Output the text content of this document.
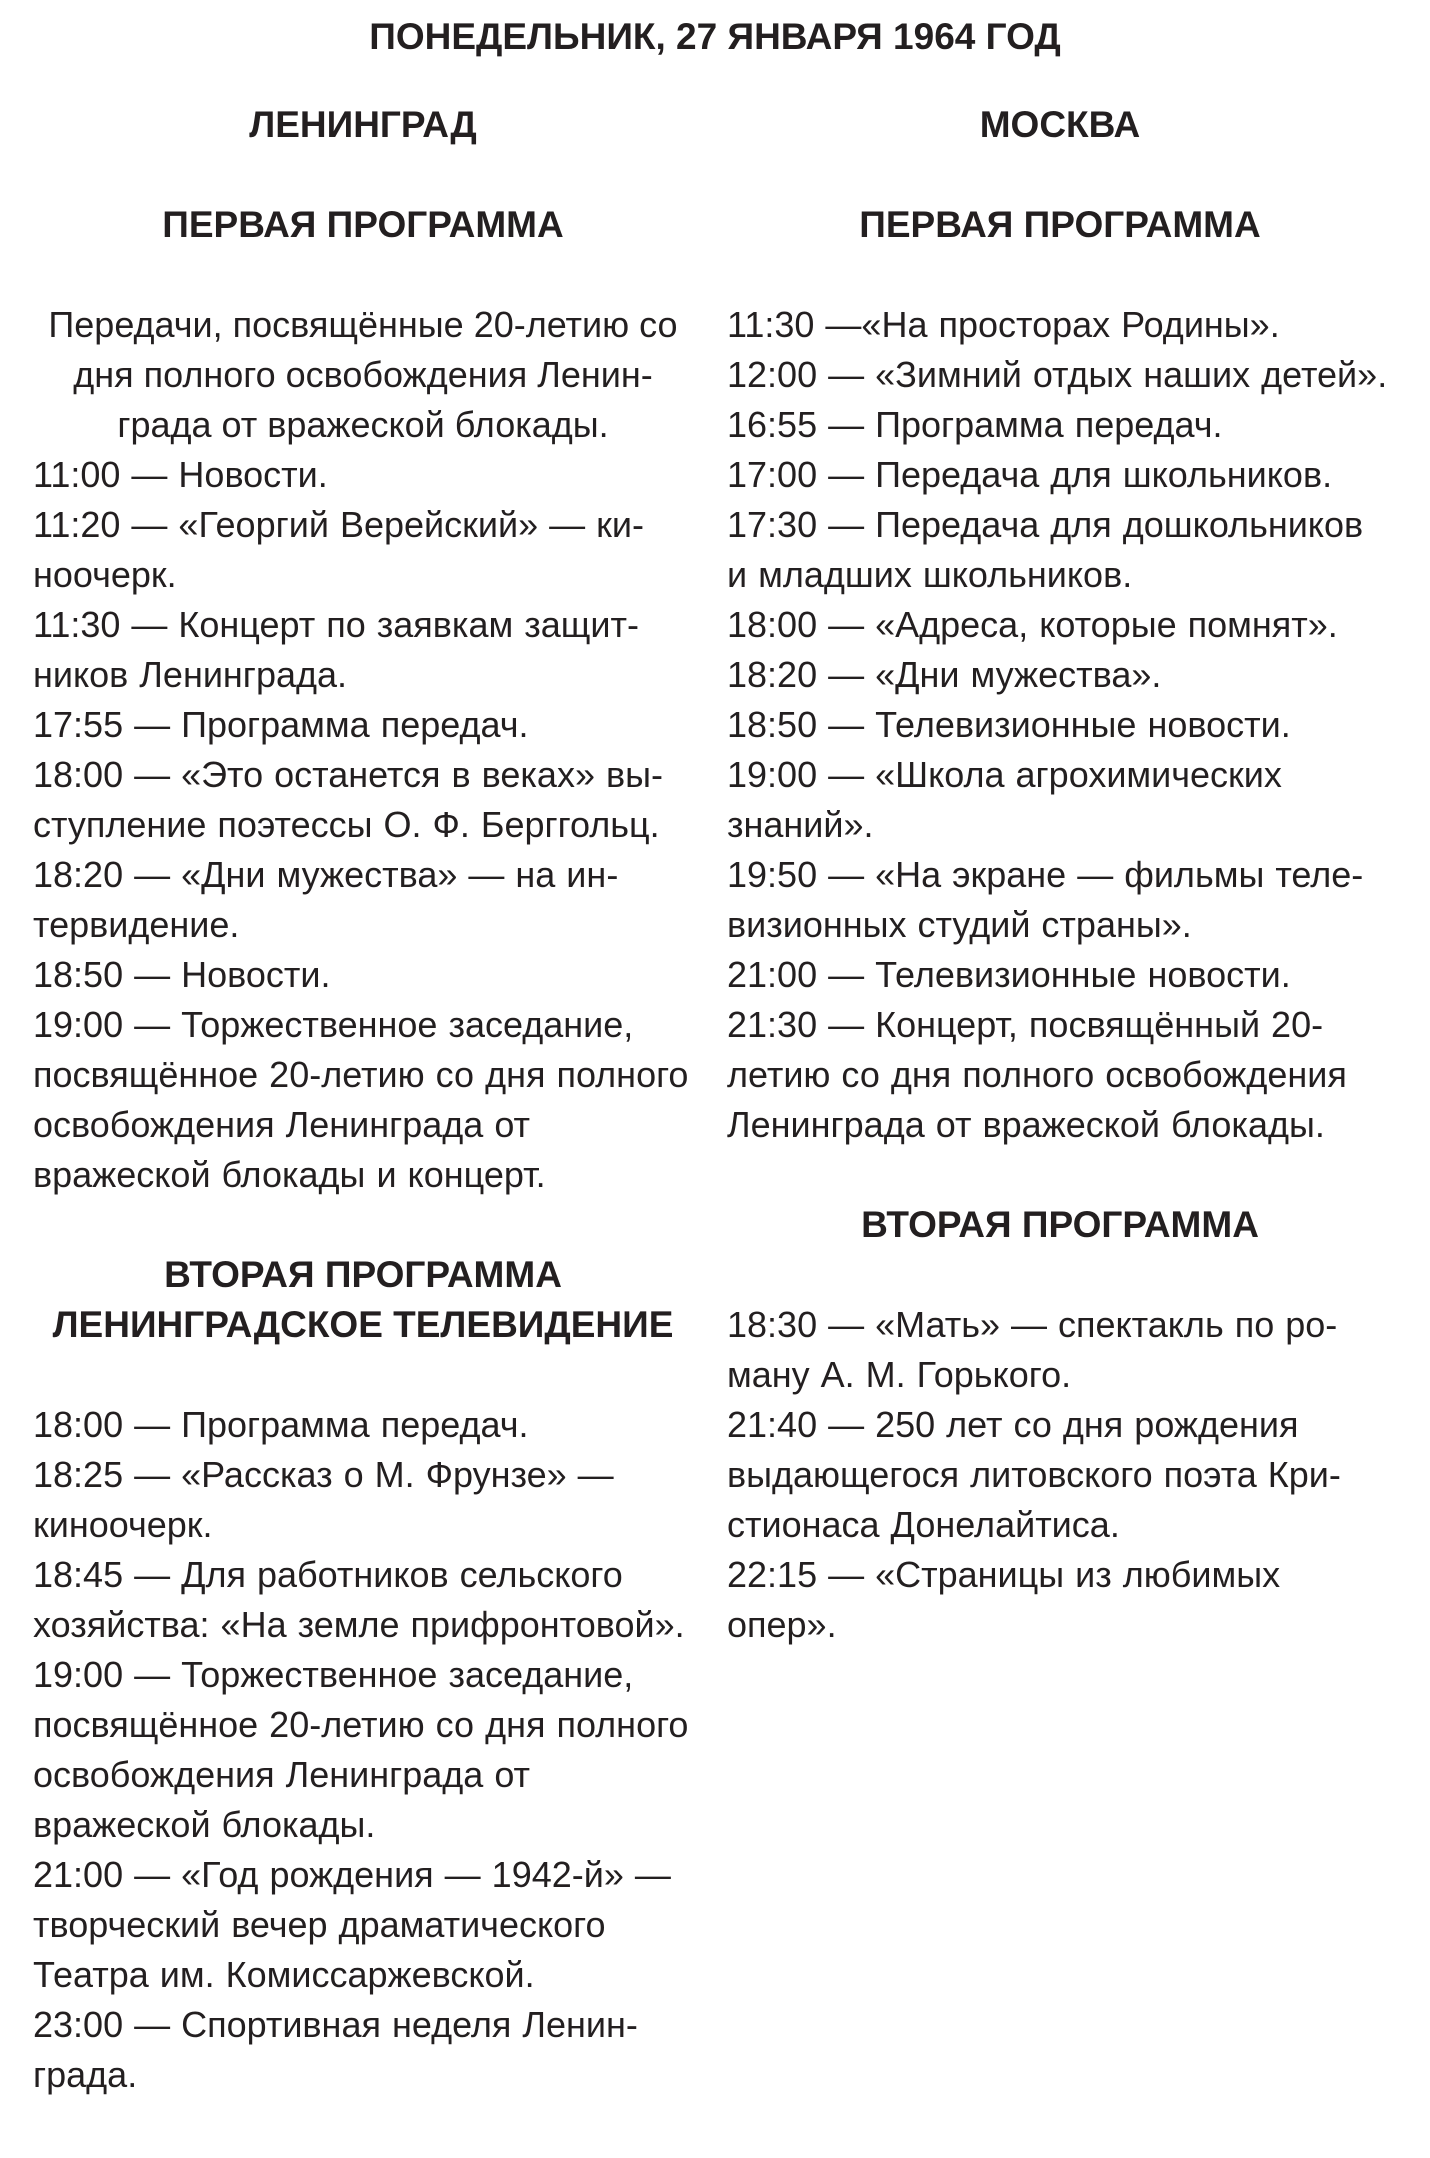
ПОНЕДЕЛЬНИК, 27 ЯНВАРЯ 1964 ГОД
ЛЕНИНГРАД
ПЕРВАЯ ПРОГРАММА

Передачи, посвящённые 20-летию со дня полного освобождения Ленинграда от вражеской блокады.

11:00 — Новости.
11:20 — «Георгий Верейский» — киноочерк.
11:30 — Концерт по заявкам защитников Ленинграда.
17:55 — Программа передач.
18:00 — «Это останется в веках» выступление поэтессы О. Ф. Берггольц.
18:20 — «Дни мужества» — на интервидение.
18:50 — Новости.
19:00 — Торжественное заседание, посвящённое 20-летию со дня полного освобождения Ленинграда от вражеской блокады и концерт.
ВТОРАЯ ПРОГРАММА
ЛЕНИНГРАДСКОЕ ТЕЛЕВИДЕНИЕ
18:00 — Программа передач.
18:25 — «Рассказ о М. Фрунзе» — киноочерк.
18:45 — Для работников сельского хозяйства: «На земле прифронтовой».
19:00 — Торжественное заседание, посвящённое 20-летию со дня полного освобождения Ленинграда от вражеской блокады.
21:00 — «Год рождения — 1942-й» — творческий вечер драматического Театра им. Комиссаржевской.
23:00 — Спортивная неделя Ленинграда.
МОСКВА
ПЕРВАЯ ПРОГРАММА
11:30 —«На просторах Родины».
12:00 — «Зимний отдых наших детей».
16:55 — Программа передач.
17:00 — Передача для школьников.
17:30 — Передача для дошкольников и младших школьников.
18:00 — «Адреса, которые помнят».
18:20 — «Дни мужества».
18:50 — Телевизионные новости.
19:00 — «Школа агрохимических знаний».
19:50 — «На экране — фильмы телевизионных студий страны».
21:00 — Телевизионные новости.
21:30 — Концерт, посвящённый 20-летию со дня полного освобождения Ленинграда от вражеской блокады.
ВТОРАЯ ПРОГРАММА
18:30 — «Мать» — спектакль по роману А. М. Горького.
21:40 — 250 лет со дня рождения выдающегося литовского поэта Кристионаса Донелайтиса.
22:15 — «Страницы из любимых опер».
